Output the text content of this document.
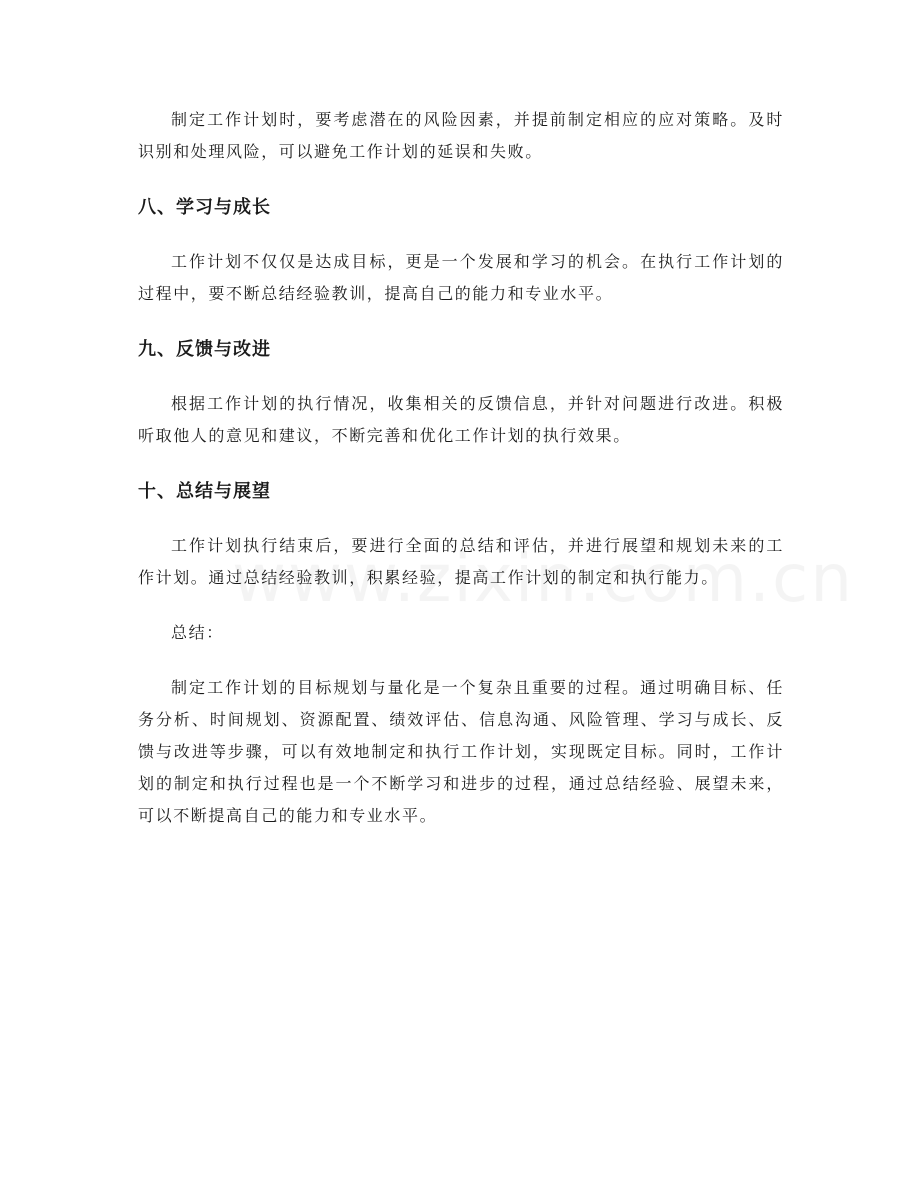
制定工作计划时，要考虑潜在的风险因素，并提前制定相应的应对策略。及时识别和处理风险，可以避免工作计划的延误和失败。

八、学习与成长

工作计划不仅仅是达成目标，更是一个发展和学习的机会。在执行工作计划的过程中，要不断总结经验教训，提高自己的能力和专业水平。

九、反馈与改进

根据工作计划的执行情况，收集相关的反馈信息，并针对问题进行改进。积极听取他人的意见和建议，不断完善和优化工作计划的执行效果。

十、总结与展望

工作计划执行结束后，要进行全面的总结和评估，并进行展望和规划未来的工作计划。通过总结经验教训，积累经验，提高工作计划的制定和执行能力。

总结：

制定工作计划的目标规划与量化是一个复杂且重要的过程。通过明确目标、任务分析、时间规划、资源配置、绩效评估、信息沟通、风险管理、学习与成长、反馈与改进等步骤，可以有效地制定和执行工作计划，实现既定目标。同时，工作计划的制定和执行过程也是一个不断学习和进步的过程，通过总结经验、展望未来，可以不断提高自己的能力和专业水平。
